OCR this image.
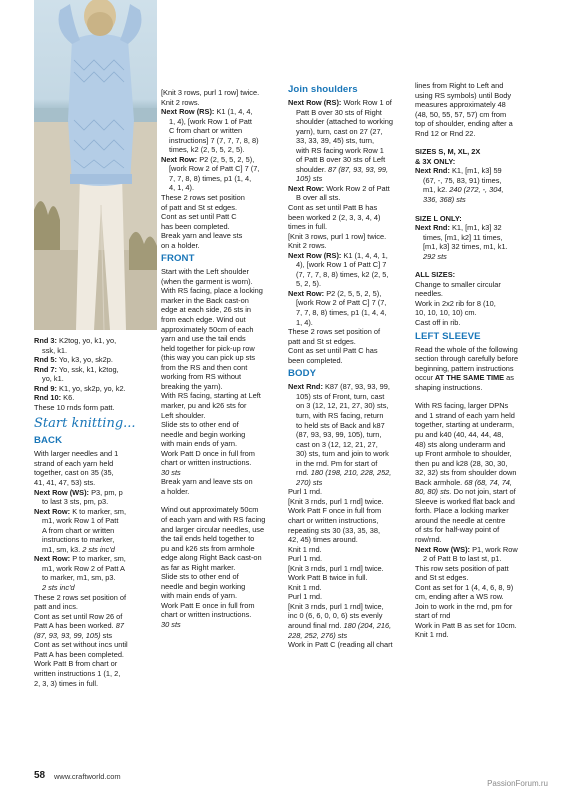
Rnd 3: K2tog, yo, k1, yo,

ssk, k1.

Rnd 5: Yo, k3, yo, sk2p.

Rnd 7: Yo, ssk, k1, k2tog,

yo, k1.

Rnd 9: K1, yo, sk2p, yo, k2.

Rnd 10: K6.

These 10 rnds form patt.

Start knitting...
BACK

With larger needles and 1

strand of each yarn held

together, cast on 35 (35,

41, 41, 47, 53) sts.

Next Row (WS): P3, pm, p

to last 3 sts, pm, p3.

Next Row: K to marker, sm,

m1, work Row 1 of Patt

A from chart or written

instructions to marker,

m1, sm, k3. 2 sts inc'd

Next Row: P to marker, sm,

m1, work Row 2 of Patt A

to marker, m1, sm, p3.

2 sts inc'd

These 2 rows set position of

patt and incs.

Cont as set until Row 26 of

Patt A has been worked. 87

(87, 93, 93, 99, 105) sts

Cont as set without incs until

Patt A has been completed.

Work Patt B from chart or

written instructions 1 (1, 2,

2, 3, 3) times in full.

[Knit 3 rows, purl 1 row] twice.

Knit 2 rows.

Next Row (RS): K1 (1, 4, 4,

1, 4), [work Row 1 of Patt

C from chart or written

instructions] 7 (7, 7, 7, 8, 8)

times, k2 (2, 5, 5, 2, 5).

Next Row: P2 (2, 5, 5, 2, 5),

[work Row 2 of Patt C] 7 (7,

7, 7, 8, 8) times, p1 (1, 4,

4, 1, 4).

These 2 rows set position

of patt and St st edges.

Cont as set until Patt C

has been completed.

Break yarn and leave sts

on a holder.

FRONT

Start with the Left shoulder

(when the garment is worn).

With RS facing, place a locking

marker in the Back cast-on

edge at each side, 26 sts in

from each edge. Wind out

approximately 50cm of each

yarn and use the tail ends

held together for pick-up row

(this way you can pick up sts

from the RS and then cont

working from RS without

breaking the yarn).

With RS facing, starting at Left

marker, pu and k26 sts for

Left shoulder.

Slide sts to other end of

needle and begin working

with main ends of yarn.

Work Patt D once in full from

chart or written instructions.

30 sts

Break yarn and leave sts on

a holder.

Wind out approximately 50cm

of each yarn and with RS facing

and larger circular needles, use

the tail ends held together to

pu and k26 sts from armhole

edge along Right Back cast-on

as far as Right marker.

Slide sts to other end of

needle and begin working

with main ends of yarn.

Work Patt E once in full from

chart or written instructions.

30 sts

Join shoulders

Next Row (RS): Work Row 1 of

Patt B over 30 sts of Right

shoulder (attached to working

yarn), turn, cast on 27 (27,

33, 33, 39, 45) sts, turn,

with RS facing work Row 1

of Patt B over 30 sts of Left

shoulder. 87 (87, 93, 93, 99,

105) sts

Next Row: Work Row 2 of Patt

B over all sts.

Cont as set until Patt B has

been worked 2 (2, 3, 3, 4, 4)

times in full.

[Knit 3 rows, purl 1 row] twice.

Knit 2 rows.

Next Row (RS): K1 (1, 4, 4, 1,

4), [work Row 1 of Patt C] 7

(7, 7, 7, 8, 8) times, k2 (2, 5,

5, 2, 5).

Next Row: P2 (2, 5, 5, 2, 5),

[work Row 2 of Patt C] 7 (7,

7, 7, 8, 8) times, p1 (1, 4, 4,

1, 4).

These 2 rows set position of

patt and St st edges.

Cont as set until Patt C has

been completed.

BODY

Next Rnd: K87 (87, 93, 93, 99,

105) sts of Front, turn, cast

on 3 (12, 12, 21, 27, 30) sts,

turn, with RS facing, return

to held sts of Back and k87

(87, 93, 93, 99, 105), turn,

cast on 3 (12, 12, 21, 27,

30) sts, turn and join to work

in the rnd. Pm for start of

rnd. 180 (198, 210, 228, 252,

270) sts

Purl 1 rnd.

[Knit 3 rnds, purl 1 rnd] twice.

Work Patt F once in full from

chart or written instructions,

repeating sts 30 (33, 35, 38,

42, 45) times around.

Knit 1 rnd.

Purl 1 rnd.

[Knit 3 rnds, purl 1 rnd] twice.

Work Patt B twice in full.

Knit 1 rnd.

Purl 1 rnd.

[Knit 3 rnds, purl 1 rnd] twice,

inc 0 (6, 6, 0, 0, 6) sts evenly

around final rnd. 180 (204, 216,

228, 252, 276) sts

Work in Patt C (reading all chart

lines from Right to Left and

using RS symbols) until Body

measures approximately 48

(48, 50, 55, 57, 57) cm from

top of shoulder, ending after a

Rnd 12 or Rnd 22.

SIZES S, M, XL, 2X

& 3X ONLY:

Next Rnd: K1, [m1, k3] 59

(67, -, 75, 83, 91) times,

m1, k2. 240 (272, -, 304,

336, 368) sts

SIZE L ONLY:

Next Rnd: K1, [m1, k3] 32

times, [m1, k2] 11 times,

[m1, k3] 32 times, m1, k1.

292 sts

ALL SIZES:

Change to smaller circular

needles.

Work in 2x2 rib for 8 (10,

10, 10, 10, 10) cm.

Cast off in rib.

LEFT SLEEVE

Read the whole of the following

section through carefully before

beginning, pattern instructions

occur AT THE SAME TIME as

shaping instructions.

With RS facing, larger DPNs

and 1 strand of each yarn held

together, starting at underarm,

pu and k40 (40, 44, 44, 48,

48) sts along underarm and

up Front armhole to shoulder,

then pu and k28 (28, 30, 30,

32, 32) sts from shoulder down

Back armhole. 68 (68, 74, 74,

80, 80) sts. Do not join, start of

Sleeve is worked flat back and

forth. Place a locking marker

around the needle at centre

of sts for half-way point of

row/rnd.

Next Row (WS): P1, work Row

2 of Patt B to last st, p1.

This row sets position of patt

and St st edges.

Cont as set for 1 (4, 4, 6, 8, 9)

cm, ending after a WS row.

Join to work in the rnd, pm for

start of rnd

Work in Patt B as set for 10cm.

Knit 1 rnd.

58 www.craftworld.com
PassionForum.ru
